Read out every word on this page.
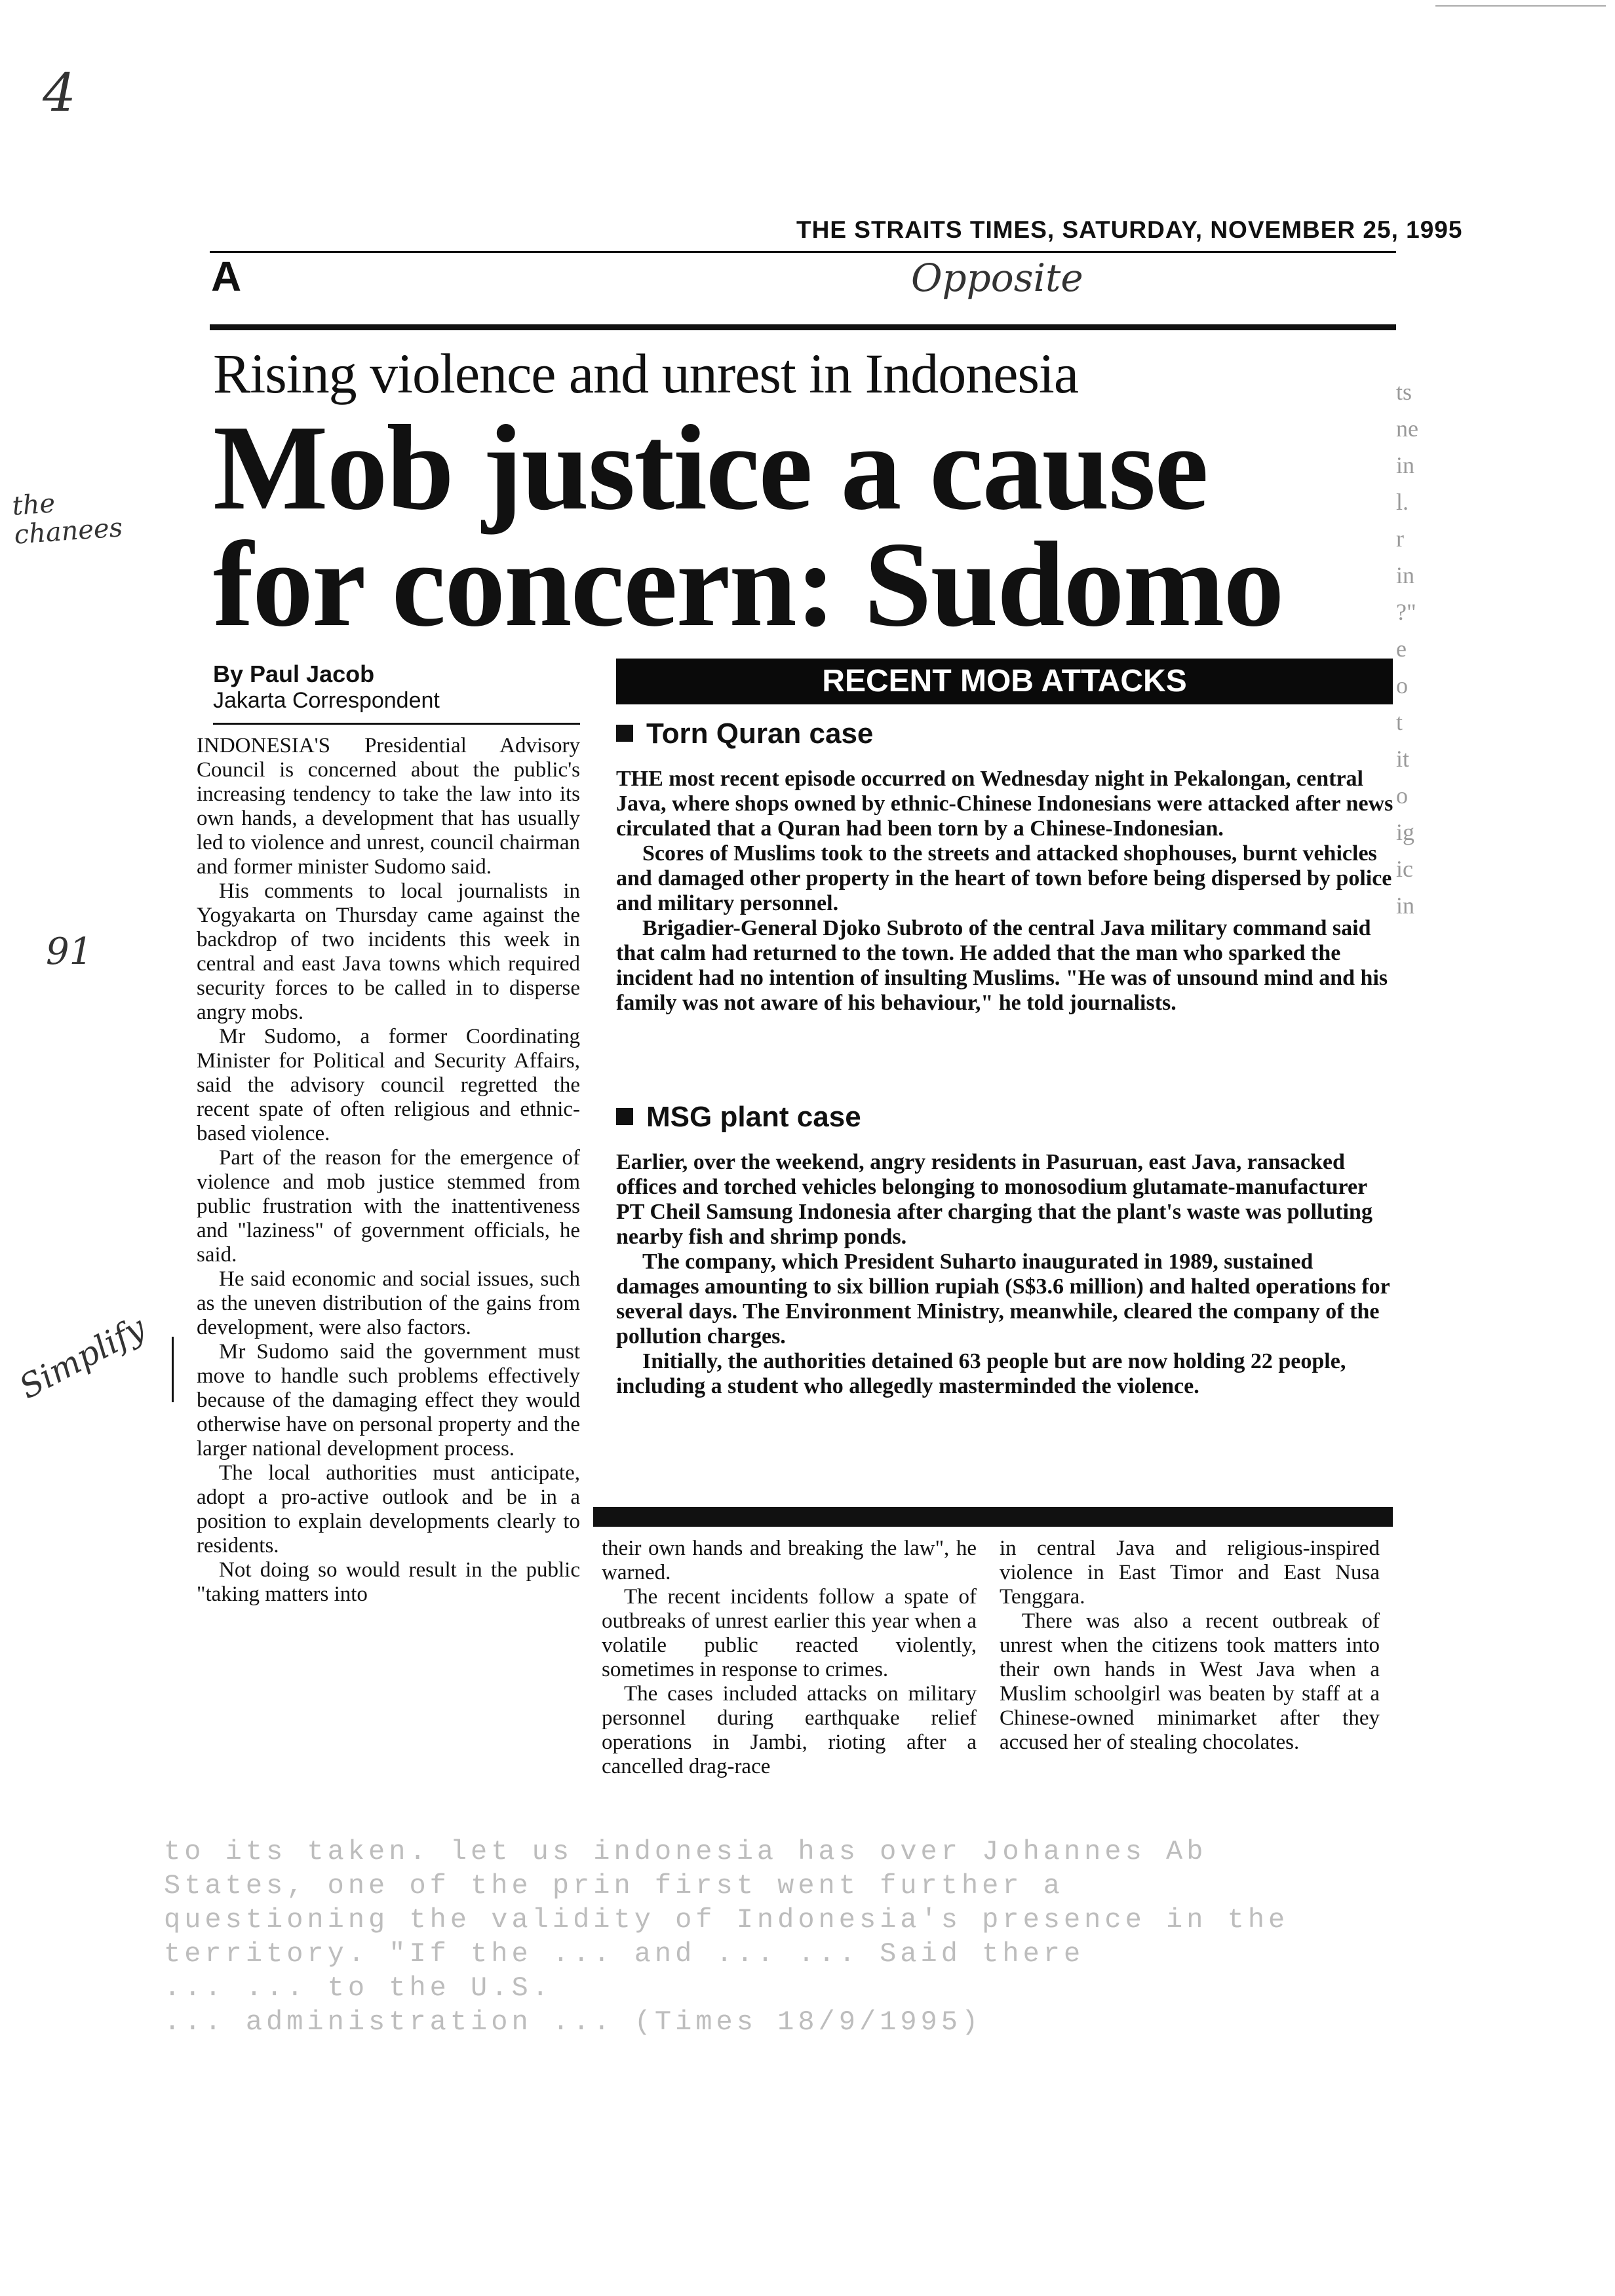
4
the
chanees
91
Simplify
THE STRAITS TIMES, SATURDAY, NOVEMBER 25, 1995
A	Opposite
Rising violence and unrest in Indonesia
Mob justice a cause for concern: Sudomo
By Paul Jacob
Jakarta Correspondent

INDONESIA'S Presidential Advisory Council is concerned about the public's increasing tendency to take the law into its own hands, a development that has usually led to violence and unrest, council chairman and former minister Sudomo said.

His comments to local journalists in Yogyakarta on Thursday came against the backdrop of two incidents this week in central and east Java towns which required security forces to be called in to disperse angry mobs.

Mr Sudomo, a former Coordinating Minister for Political and Security Affairs, said the advisory council regretted the recent spate of often religious and ethnic-based violence.

Part of the reason for the emergence of violence and mob justice stemmed from public frustration with the inattentiveness and "laziness" of government officials, he said.

He said economic and social issues, such as the uneven distribution of the gains from development, were also factors.

Mr Sudomo said the government must move to handle such problems effectively because of the damaging effect they would otherwise have on personal property and the larger national development process.

The local authorities must anticipate, adopt a pro-active outlook and be in a position to explain developments clearly to residents.

Not doing so would result in the public "taking matters into

RECENT MOB ATTACKS
Torn Quran case

THE most recent episode occurred on Wednesday night in Pekalongan, central Java, where shops owned by ethnic-Chinese Indonesians were attacked after news circulated that a Quran had been torn by a Chinese-Indonesian.

Scores of Muslims took to the streets and attacked shophouses, burnt vehicles and damaged other property in the heart of town before being dispersed by police and military personnel.

Brigadier-General Djoko Subroto of the central Java military command said that calm had returned to the town. He added that the man who sparked the incident had no intention of insulting Muslims. "He was of unsound mind and his family was not aware of his behaviour," he told journalists.

MSG plant case

Earlier, over the weekend, angry residents in Pasuruan, east Java, ransacked offices and torched vehicles belonging to monosodium glutamate-manufacturer PT Cheil Samsung Indonesia after charging that the plant's waste was polluting nearby fish and shrimp ponds.

The company, which President Suharto inaugurated in 1989, sustained damages amounting to six billion rupiah (S$3.6 million) and halted operations for several days. The Environment Ministry, meanwhile, cleared the company of the pollution charges.

Initially, the authorities detained 63 people but are now holding 22 people, including a student who allegedly masterminded the violence.

their own hands and breaking the law", he warned.

The recent incidents follow a spate of outbreaks of unrest earlier this year when a volatile public reacted violently, sometimes in response to crimes.

The cases included attacks on military personnel during earthquake relief operations in Jambi, rioting after a cancelled drag-race

in central Java and religious-inspired violence in East Timor and East Nusa Tenggara.

There was also a recent outbreak of unrest when the citizens took matters into their own hands in West Java when a Muslim schoolgirl was beaten by staff at a Chinese-owned minimarket after they accused her of stealing chocolates.

to its taken. let us indonesia has over Johannes Ab
States, one of the prin first went further a
questioning the validity of Indonesia's presence in the
territory. "If the ... and ... ... Said there
... ... to the U.S.
... administration ... (Times 18/9/1995)
ts
ne
in
l.
r
in
?"
e
o
t
it
o
ig
ic
in
